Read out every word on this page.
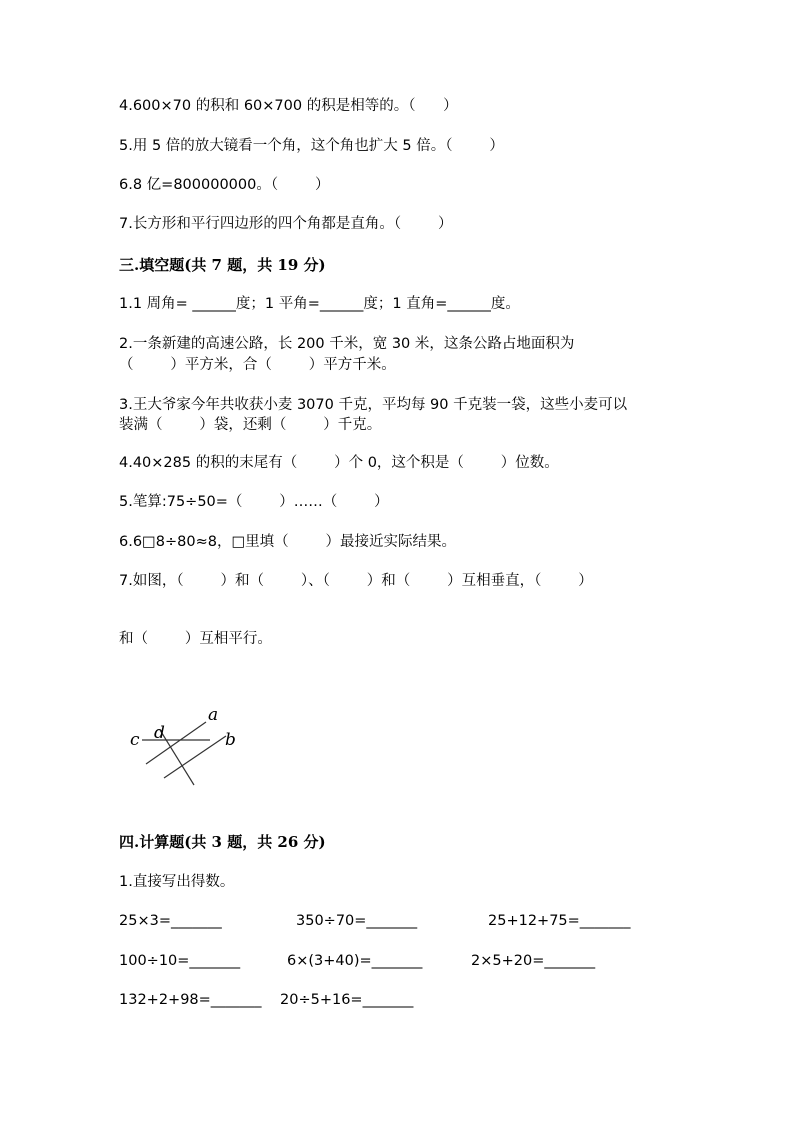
4.600×70 的积和 60×700 的积是相等的。（      ）
5.用 5 倍的放大镜看一个角，这个角也扩大 5 倍。（        ）
6.8 亿=800000000。（        ）
7.长方形和平行四边形的四个角都是直角。（        ）
三.填空题(共 7 题，共 19 分)
1.1 周角= ______度；1 平角=______度；1 直角=______度。
2.一条新建的高速公路，长 200 千米，宽 30 米，这条公路占地面积为
（        ）平方米，合（        ）平方千米。
3.王大爷家今年共收获小麦 3070 千克，平均每 90 千克装一袋，这些小麦可以
装满（        ）袋，还剩（        ）千克。
4.40×285 的积的末尾有（        ）个 0，这个积是（        ）位数。
5.笔算:75÷50=（        ）……（        ）
6.6□8÷80≈8，□里填（        ）最接近实际结果。
7.如图，（        ）和（        ）、（        ）和（        ）互相垂直，（        ）
和（        ）互相平行。
c d
a
b
四.计算题(共 3 题，共 26 分)
1.直接写出得数。
25×3=_______	350÷70=_______	25+12+75=_______
100÷10=_______	6×(3+40)=_______	2×5+20=_______
132+2+98=_______ 20÷5+16=_______
